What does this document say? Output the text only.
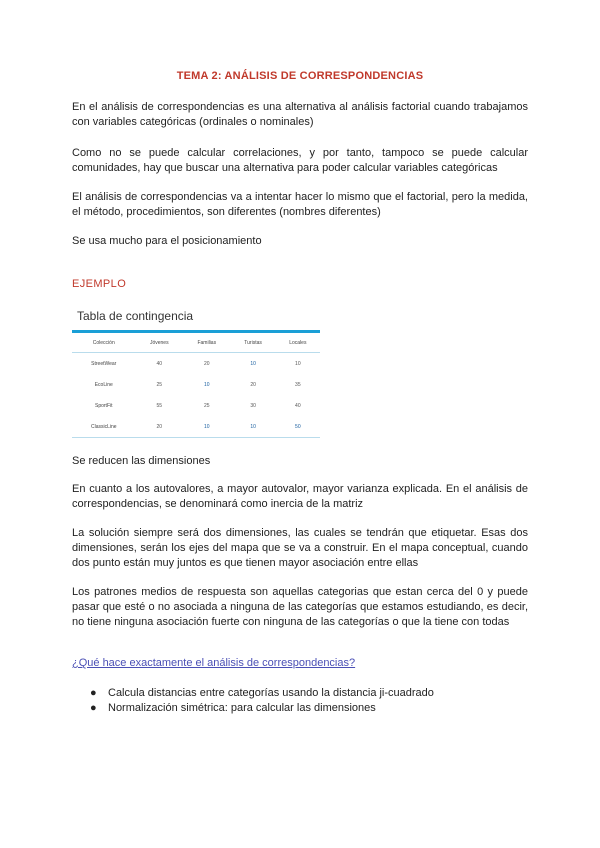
TEMA 2: ANÁLISIS DE CORRESPONDENCIAS
En el análisis de correspondencias es una alternativa al análisis factorial cuando trabajamos con variables categóricas (ordinales o nominales)
Como no se puede calcular correlaciones, y por tanto, tampoco se puede calcular comunidades, hay que buscar una alternativa para poder calcular variables categóricas
El análisis de correspondencias va a intentar hacer lo mismo que el factorial, pero la medida, el método, procedimientos, son diferentes (nombres diferentes)
Se usa mucho para el posicionamiento
EJEMPLO
Tabla de contingencia
Colección	Jóvenes	Familias	Turistas	Locales
StreetWear	40	20	10	10
EcoLine	25	10	20	35
SportFit	55	25	30	40
ClassicLine	20	10	10	50
Se reducen las dimensiones
En cuanto a los autovalores, a mayor autovalor, mayor varianza explicada. En el análisis de correspondencias, se denominará como inercia de la matriz
La solución siempre será dos dimensiones, las cuales se tendrán que etiquetar. Esas dos dimensiones, serán los ejes del mapa que se va a construir. En el mapa conceptual, cuando dos punto están muy juntos es que tienen mayor asociación entre ellas
Los patrones medios de respuesta son aquellas categorias que estan cerca del 0 y puede pasar que esté o no asociada a ninguna de las categorías que estamos estudiando, es decir, no tiene ninguna asociación fuerte con ninguna de las categorías o que la tiene con todas
¿Qué hace exactamente el análisis de correspondencias?
● Calcula distancias entre categorías usando la distancia ji-cuadrado
● Normalización simétrica: para calcular las dimensiones
